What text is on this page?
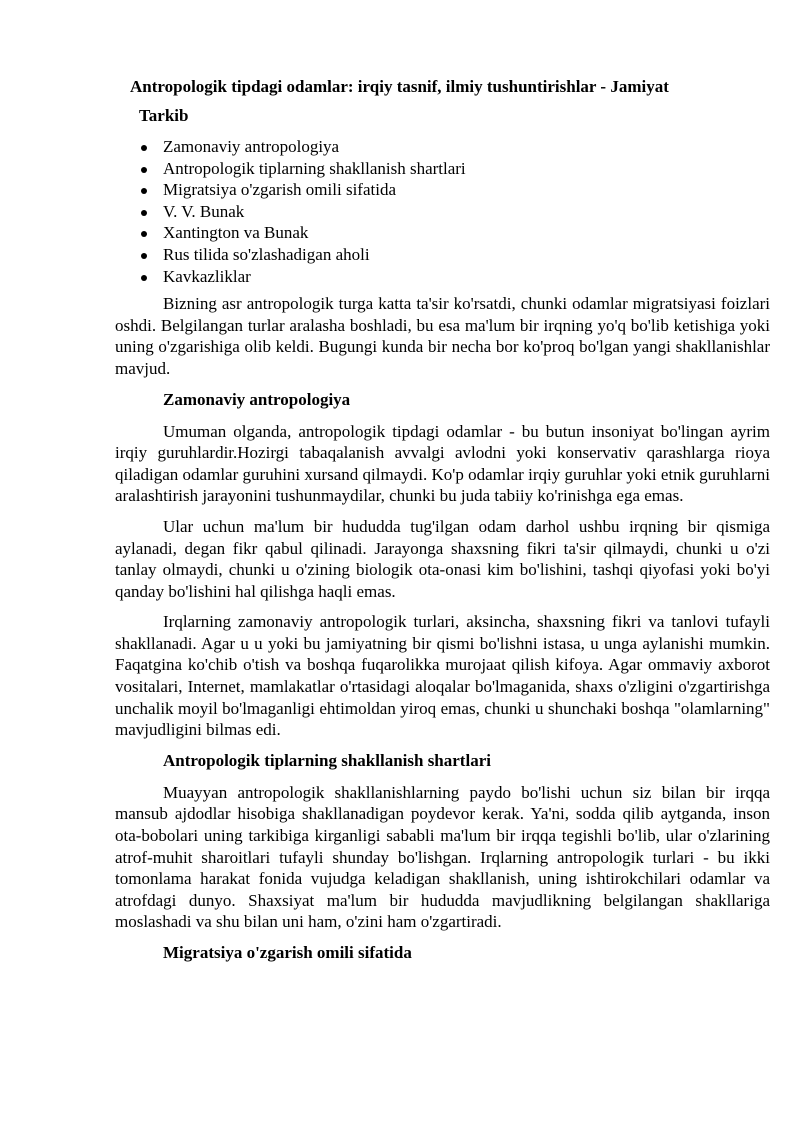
Antropologik tipdagi odamlar: irqiy tasnif, ilmiy tushuntirishlar - Jamiyat
Tarkib
Zamonaviy antropologiya
Antropologik tiplarning shakllanish shartlari
Migratsiya o'zgarish omili sifatida
V. V. Bunak
Xantington va Bunak
Rus tilida so'zlashadigan aholi
Kavkazliklar

Bizning asr antropologik turga katta ta'sir ko'rsatdi, chunki odamlar migratsiyasi foizlari oshdi. Belgilangan turlar aralasha boshladi, bu esa ma'lum bir irqning yo'q bo'lib ketishiga yoki uning o'zgarishiga olib keldi. Bugungi kunda bir necha bor ko'proq bo'lgan yangi shakllanishlar mavjud.

Zamonaviy antropologiya

Umuman olganda, antropologik tipdagi odamlar - bu butun insoniyat bo'lingan ayrim irqiy guruhlardir.Hozirgi tabaqalanish avvalgi avlodni yoki konservativ qarashlarga rioya qiladigan odamlar guruhini xursand qilmaydi. Ko'p odamlar irqiy guruhlar yoki etnik guruhlarni aralashtirish jarayonini tushunmaydilar, chunki bu juda tabiiy ko'rinishga ega emas.

Ular uchun ma'lum bir hududda tug'ilgan odam darhol ushbu irqning bir qismiga aylanadi, degan fikr qabul qilinadi. Jarayonga shaxsning fikri ta'sir qilmaydi, chunki u o'zi tanlay olmaydi, chunki u o'zining biologik ota-onasi kim bo'lishini, tashqi qiyofasi yoki bo'yi qanday bo'lishini hal qilishga haqli emas.

Irqlarning zamonaviy antropologik turlari, aksincha, shaxsning fikri va tanlovi tufayli shakllanadi. Agar u u yoki bu jamiyatning bir qismi bo'lishni istasa, u unga aylanishi mumkin. Faqatgina ko'chib o'tish va boshqa fuqarolikka murojaat qilish kifoya. Agar ommaviy axborot vositalari, Internet, mamlakatlar o'rtasidagi aloqalar bo'lmaganida, shaxs o'zligini o'zgartirishga unchalik moyil bo'lmaganligi ehtimoldan yiroq emas, chunki u shunchaki boshqa "olamlarning" mavjudligini bilmas edi.

Antropologik tiplarning shakllanish shartlari

Muayyan antropologik shakllanishlarning paydo bo'lishi uchun siz bilan bir irqqa mansub ajdodlar hisobiga shakllanadigan poydevor kerak. Ya'ni, sodda qilib aytganda, inson ota-bobolari uning tarkibiga kirganligi sababli ma'lum bir irqqa tegishli bo'lib, ular o'zlarining atrof-muhit sharoitlari tufayli shunday bo'lishgan. Irqlarning antropologik turlari - bu ikki tomonlama harakat fonida vujudga keladigan shakllanish, uning ishtirokchilari odamlar va atrofdagi dunyo. Shaxsiyat ma'lum bir hududda mavjudlikning belgilangan shakllariga moslashadi va shu bilan uni ham, o'zini ham o'zgartiradi.

Migratsiya o'zgarish omili sifatida
